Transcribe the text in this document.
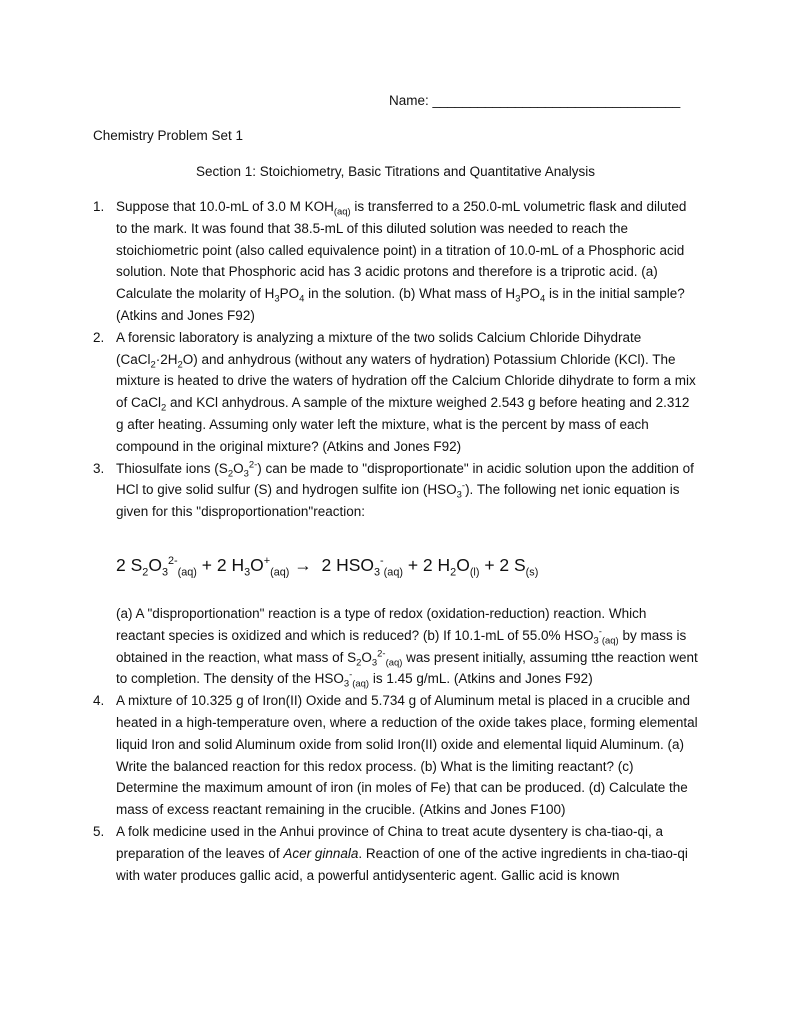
Name: _________________________________
Chemistry Problem Set 1
Section 1: Stoichiometry, Basic Titrations and Quantitative Analysis
1. Suppose that 10.0-mL of 3.0 M $KOH_{(aq)}$ is transferred to a 250.0-mL volumetric flask and diluted to the mark. It was found that 38.5-mL of this diluted solution was needed to reach the stoichiometric point (also called equivalence point) in a titration of 10.0-mL of a Phosphoric acid solution. Note that Phosphoric acid has 3 acidic protons and therefore is a triprotic acid. (a) Calculate the molarity of $H_3PO_4$ in the solution. (b) What mass of $H_3PO_4$ is in the initial sample? (Atkins and Jones F92)
2. A forensic laboratory is analyzing a mixture of the two solids Calcium Chloride Dihydrate $(CaCl_2\cdot 2H_2O)$ and anhydrous (without any waters of hydration) Potassium Chloride (KCl). The mixture is heated to drive the waters of hydration off the Calcium Chloride dihydrate to form a mix of CaCl$_2$ and KCl anhydrous. A sample of the mixture weighed 2.543 g before heating and 2.312 g after heating. Assuming only water left the mixture, what is the percent by mass of each compound in the original mixture? (Atkins and Jones F92)
3. Thiosulfate ions $(S_2O_3^{2-})$ can be made to "disproportionate" in acidic solution upon the addition of HCl to give solid sulfur (S) and hydrogen sulfite ion $(HSO_3^-)$. The following net ionic equation is given for this "disproportionation"reaction:
2 $S_2O_3^{2-}_{(aq)} + 2$ $H_3O^+_{(aq)} \to 2$ $HSO_3^-_{(aq)} + 2$ $H_2O_{(l)} + 2$ $S_{(s)}$
(a) A "disproportionation" reaction is a type of redox (oxidation-reduction) reaction. Which reactant species is oxidized and which is reduced? (b) If 10.1-mL of 55.0% $HSO_3^-_{(aq)}$ by mass is obtained in the reaction, what mass of $S_2O_3^{2-}_{(aq)}$ was present initially, assuming tthe reaction went to completion. The density of the $HSO_3^-_{(aq)}$ is 1.45 g/mL. (Atkins and Jones F92)
4. A mixture of 10.325 g of Iron(II) Oxide and 5.734 g of Aluminum metal is placed in a crucible and heated in a high-temperature oven, where a reduction of the oxide takes place, forming elemental liquid Iron and solid Aluminum oxide from solid Iron(II) oxide and elemental liquid Aluminum. (a) Write the balanced reaction for this redox process. (b) What is the limiting reactant? (c) Determine the maximum amount of iron (in moles of Fe) that can be produced. (d) Calculate the mass of excess reactant remaining in the crucible. (Atkins and Jones F100)
5. A folk medicine used in the Anhui province of China to treat acute dysentery is cha-tiao-qi, a preparation of the leaves of Acer ginnala. Reaction of one of the active ingredients in cha-tiao-qi with water produces gallic acid, a powerful antidysenteric agent. Gallic acid is known
